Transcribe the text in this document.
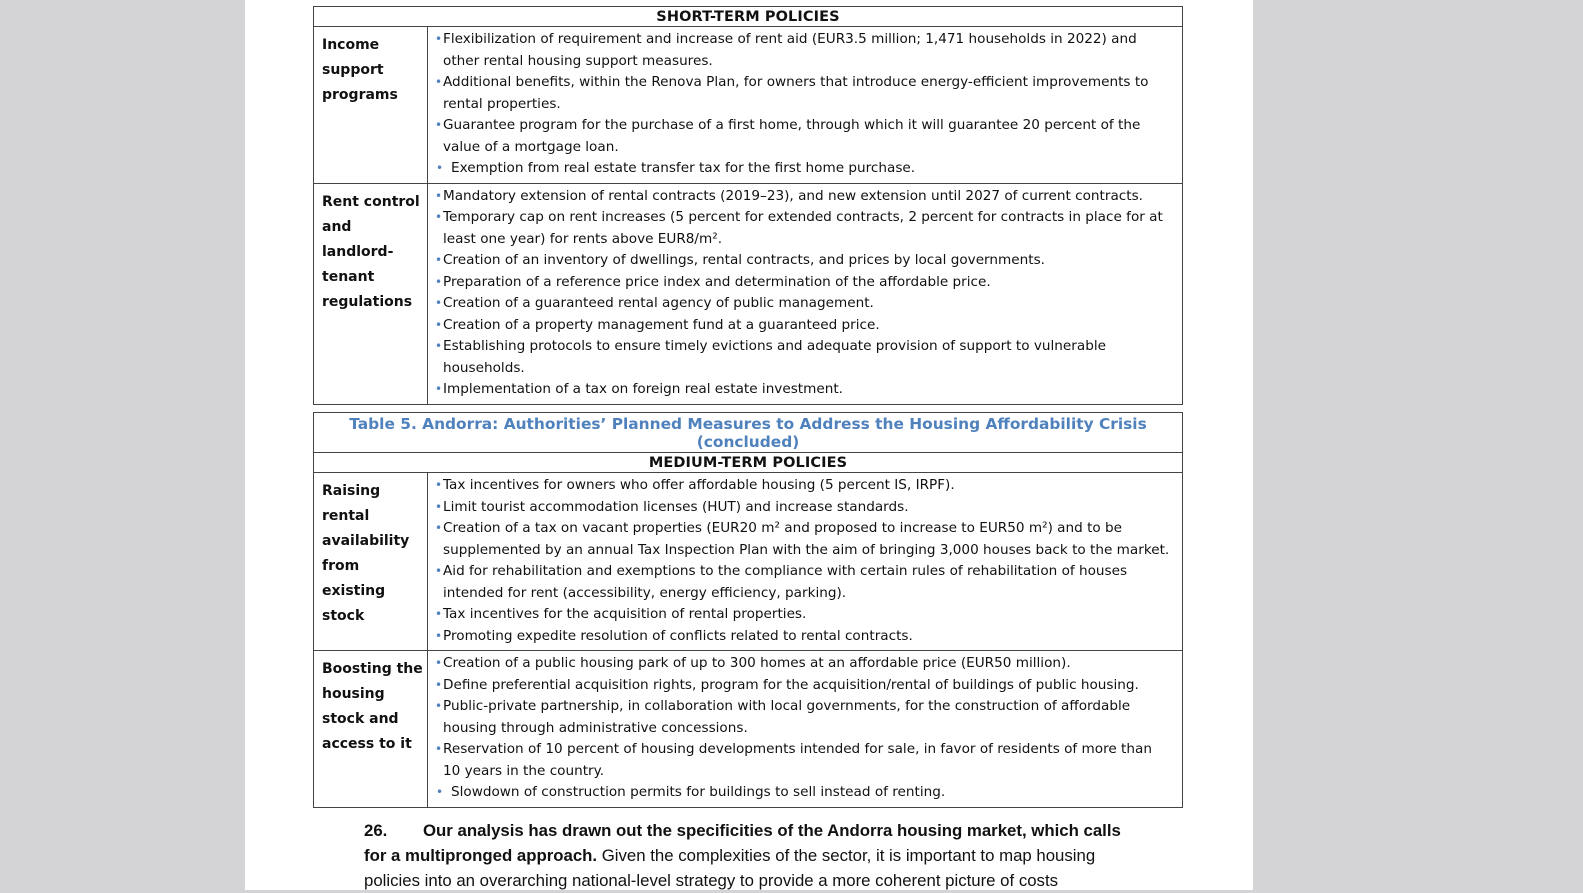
SHORT-TERM POLICIES	
Income support programs	
• Flexibilization of requirement and increase of rent aid (EUR3.5 million; 1,471 households in 2022) and other rental housing support measures.
• Additional benefits, within the Renova Plan, for owners that introduce energy-efficient improvements to rental properties.
• Guarantee program for the purchase of a first home, through which it will guarantee 20 percent of the value of a mortgage loan.
• Exemption from real estate transfer tax for the first home purchase.

Rent control and landlord-tenant regulations	
• Mandatory extension of rental contracts (2019–23), and new extension until 2027 of current contracts.
• Temporary cap on rent increases (5 percent for extended contracts, 2 percent for contracts in place for at least one year) for rents above EUR8/m².
• Creation of an inventory of dwellings, rental contracts, and prices by local governments.
• Preparation of a reference price index and determination of the affordable price.
• Creation of a guaranteed rental agency of public management.
• Creation of a property management fund at a guaranteed price.
• Establishing protocols to ensure timely evictions and adequate provision of support to vulnerable households.
• Implementation of a tax on foreign real estate investment.
Table 5. Andorra: Authorities’ Planned Measures to Address the Housing Affordability Crisis (concluded)	
MEDIUM-TERM POLICIES	
Raising rental availability from existing stock	
• Tax incentives for owners who offer affordable housing (5 percent IS, IRPF).
• Limit tourist accommodation licenses (HUT) and increase standards.
• Creation of a tax on vacant properties (EUR20 m² and proposed to increase to EUR50 m²) and to be supplemented by an annual Tax Inspection Plan with the aim of bringing 3,000 houses back to the market.
• Aid for rehabilitation and exemptions to the compliance with certain rules of rehabilitation of houses intended for rent (accessibility, energy efficiency, parking).
• Tax incentives for the acquisition of rental properties.
• Promoting expedite resolution of conflicts related to rental contracts.

Boosting the housing stock and access to it	
• Creation of a public housing park of up to 300 homes at an affordable price (EUR50 million).
• Define preferential acquisition rights, program for the acquisition/rental of buildings of public housing.
• Public-private partnership, in collaboration with local governments, for the construction of affordable housing through administrative concessions.
• Reservation of 10 percent of housing developments intended for sale, in favor of residents of more than 10 years in the country.
• Slowdown of construction permits for buildings to sell instead of renting.
26. Our analysis has drawn out the specificities of the Andorra housing market, which calls for a multipronged approach. Given the complexities of the sector, it is important to map housing policies into an overarching national-level strategy to provide a more coherent picture of costs
